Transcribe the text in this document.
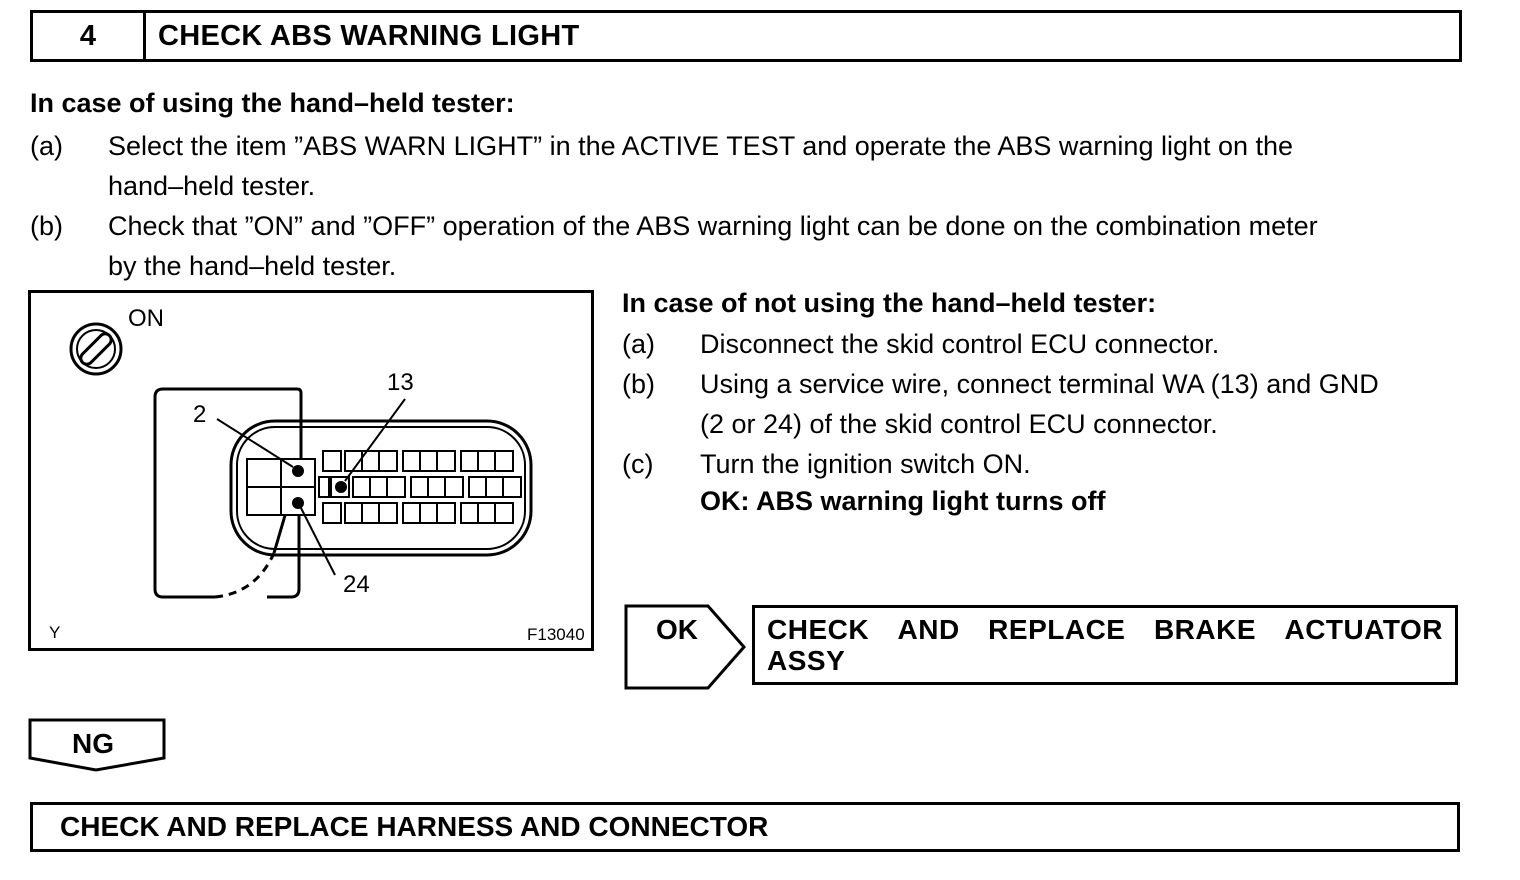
4	CHECK ABS WARNING LIGHT
In case of using the hand–held tester:
(a) Select the item ”ABS WARN LIGHT” in the ACTIVE TEST and operate the ABS warning light on the
hand–held tester.
(b) Check that ”ON” and ”OFF” operation of the ABS warning light can be done on the combination meter
by the hand–held tester.
ON
2
13
24
Y	F13040
In case of not using the hand–held tester:
(a) Disconnect the skid control ECU connector.
(b) Using a service wire, connect terminal WA (13) and GND
(2 or 24) of the skid control ECU connector.
(c) Turn the ignition switch ON.
OK: ABS warning light turns off
OK CHECK AND REPLACE BRAKE ACTUATOR
ASSY
NG
CHECK AND REPLACE HARNESS AND CONNECTOR
